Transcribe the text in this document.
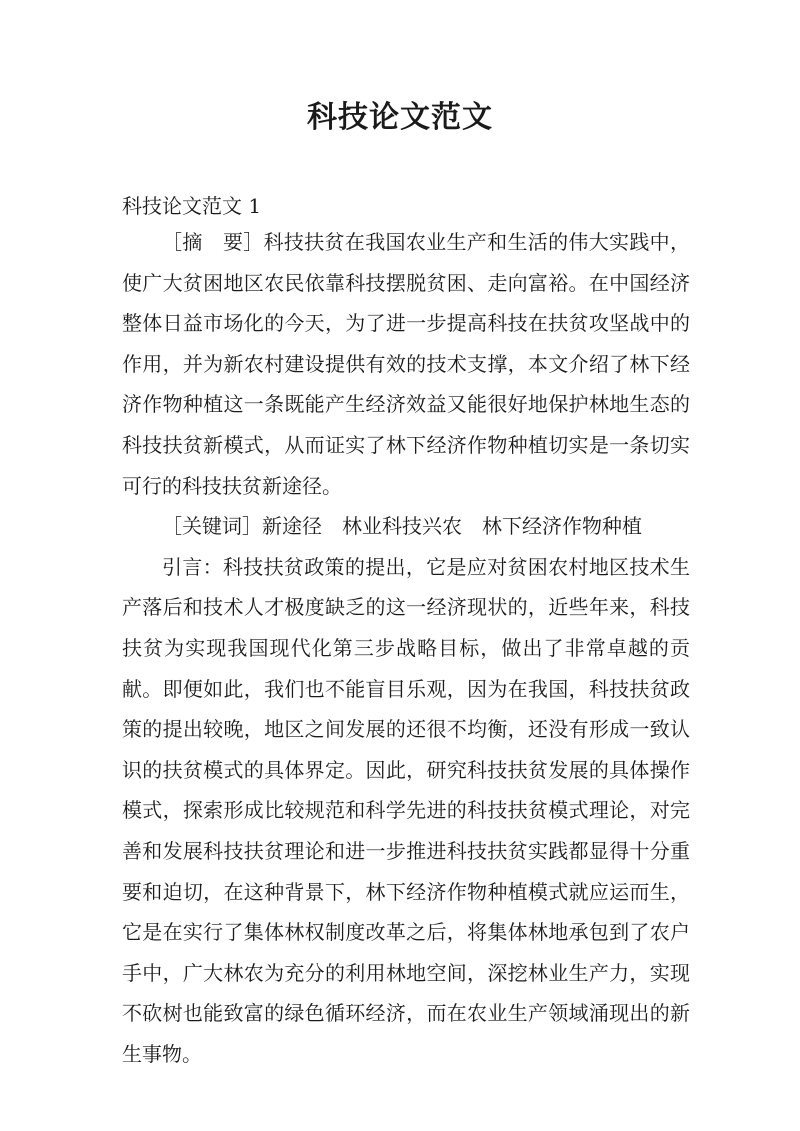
科技论文范文
科技论文范文 1

［摘　要］科技扶贫在我国农业生产和生活的伟大实践中，使广大贫困地区农民依靠科技摆脱贫困、走向富裕。在中国经济整体日益市场化的今天，为了进一步提高科技在扶贫攻坚战中的作用，并为新农村建设提供有效的技术支撑，本文介绍了林下经济作物种植这一条既能产生经济效益又能很好地保护林地生态的科技扶贫新模式，从而证实了林下经济作物种植切实是一条切实可行的科技扶贫新途径。

［关键词］新途径　林业科技兴农　林下经济作物种植

引言：科技扶贫政策的提出，它是应对贫困农村地区技术生产落后和技术人才极度缺乏的这一经济现状的，近些年来，科技扶贫为实现我国现代化第三步战略目标，做出了非常卓越的贡献。即便如此，我们也不能盲目乐观，因为在我国，科技扶贫政策的提出较晚，地区之间发展的还很不均衡，还没有形成一致认识的扶贫模式的具体界定。因此，研究科技扶贫发展的具体操作模式，探索形成比较规范和科学先进的科技扶贫模式理论，对完善和发展科技扶贫理论和进一步推进科技扶贫实践都显得十分重要和迫切，在这种背景下，林下经济作物种植模式就应运而生，它是在实行了集体林权制度改革之后，将集体林地承包到了农户手中，广大林农为充分的利用林地空间，深挖林业生产力，实现不砍树也能致富的绿色循环经济，而在农业生产领域涌现出的新生事物。
